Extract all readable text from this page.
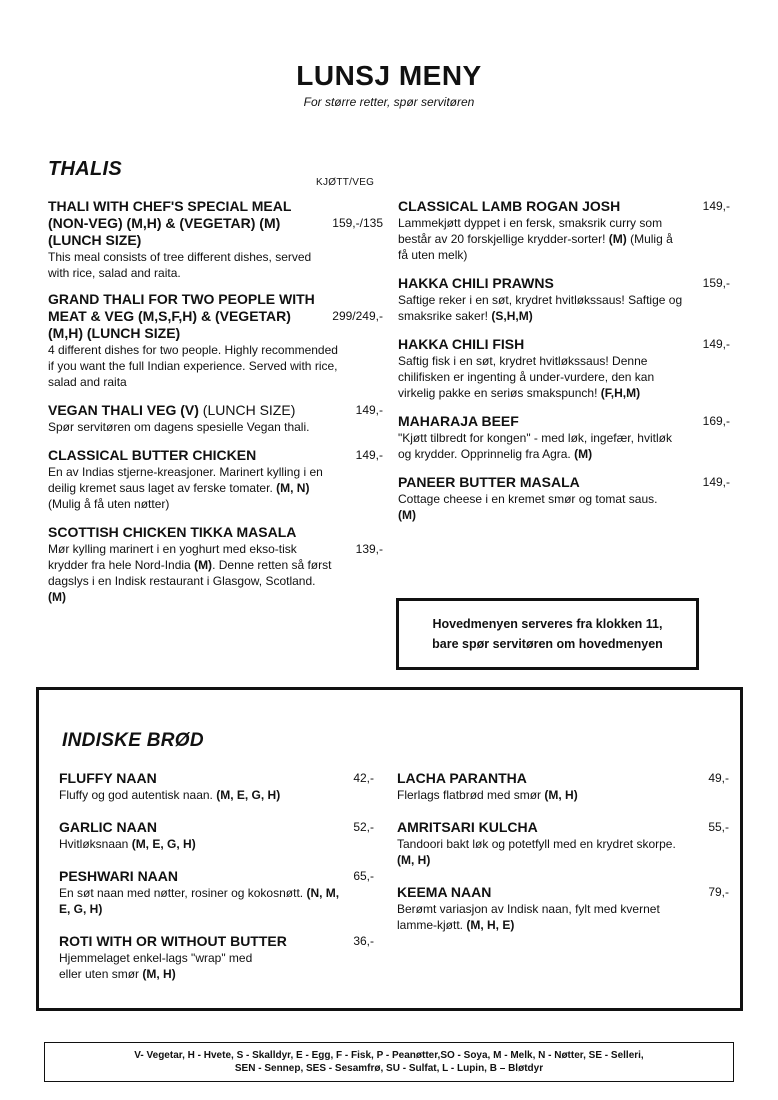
LUNSJ MENY
For større retter, spør servitøren
THALIS
KJØTT/VEG
THALI WITH CHEF'S SPECIAL MEAL (NON-VEG) (M,H) & (VEGETAR) (M) (LUNCH SIZE)
159,-/135
This meal consists of tree different dishes, served with rice, salad and raita.
GRAND THALI FOR TWO PEOPLE WITH MEAT & VEG (M,S,F,H) & (VEGETAR) (M,H) (LUNCH SIZE)
299/249,-
4 different dishes for two people. Highly recommended if you want the full Indian experience. Served with rice, salad and raita
VEGAN THALI VEG (V) (LUNCH SIZE)	149,-
Spør servitøren om dagens spesielle Vegan thali.
CLASSICAL BUTTER CHICKEN	149,-
En av Indias stjerne-kreasjoner. Marinert kylling i en deilig kremet saus laget av ferske tomater. (M, N) (Mulig å få uten nøtter)
SCOTTISH CHICKEN TIKKA MASALA
139,-
Mør kylling marinert i en yoghurt med ekso-tisk krydder fra hele Nord-India (M). Denne retten så først dagslys i en Indisk restaurant i Glasgow, Scotland. (M)
CLASSICAL LAMB ROGAN JOSH	149,-
Lammekjøtt dyppet i en fersk, smaksrik curry som består av 20 forskjellige krydder-sorter! (M) (Mulig å få uten melk)
HAKKA CHILI PRAWNS	159,-
Saftige reker i en søt, krydret hvitløkssaus! Saftige og smaksrike saker! (S,H,M)
HAKKA CHILI FISH	149,-
Saftig fisk i en søt, krydret hvitløkssaus! Denne chilifisken er ingenting å under-vurdere, den kan virkelig pakke en seriøs smakspunch! (F,H,M)
MAHARAJA BEEF	169,-
"Kjøtt tilbredt for kongen" - med løk, ingefær, hvitløk og krydder. Opprinnelig fra Agra. (M)
PANEER BUTTER MASALA	149,-
Cottage cheese i en kremet smør og tomat saus. (M)
Hovedmenyen serveres fra klokken 11,
bare spør servitøren om hovedmenyen
INDISKE BRØD
FLUFFY NAAN	42,-
Fluffy og god autentisk naan. (M, E, G, H)
GARLIC NAAN	52,-
Hvitløksnaan (M, E, G, H)
PESHWARI NAAN	65,-
En søt naan med nøtter, rosiner og kokosnøtt. (N, M, E, G, H)
ROTI WITH OR WITHOUT BUTTER	36,-
Hjemmelaget enkel-lags "wrap" med eller uten smør (M, H)
LACHA PARANTHA	49,-
Flerlags flatbrød med smør (M, H)
AMRITSARI KULCHA	55,-
Tandoori bakt løk og potetfyll med en krydret skorpe. (M, H)
KEEMA NAAN	79,-
Berømt variasjon av Indisk naan, fylt med kvernet lamme-kjøtt. (M, H, E)
V- Vegetar, H - Hvete, S - Skalldyr, E - Egg, F - Fisk, P - Peanøtter,SO - Soya, M - Melk, N - Nøtter, SE - Selleri,
SEN - Sennep, SES - Sesamfrø, SU - Sulfat, L - Lupin, B – Bløtdyr
